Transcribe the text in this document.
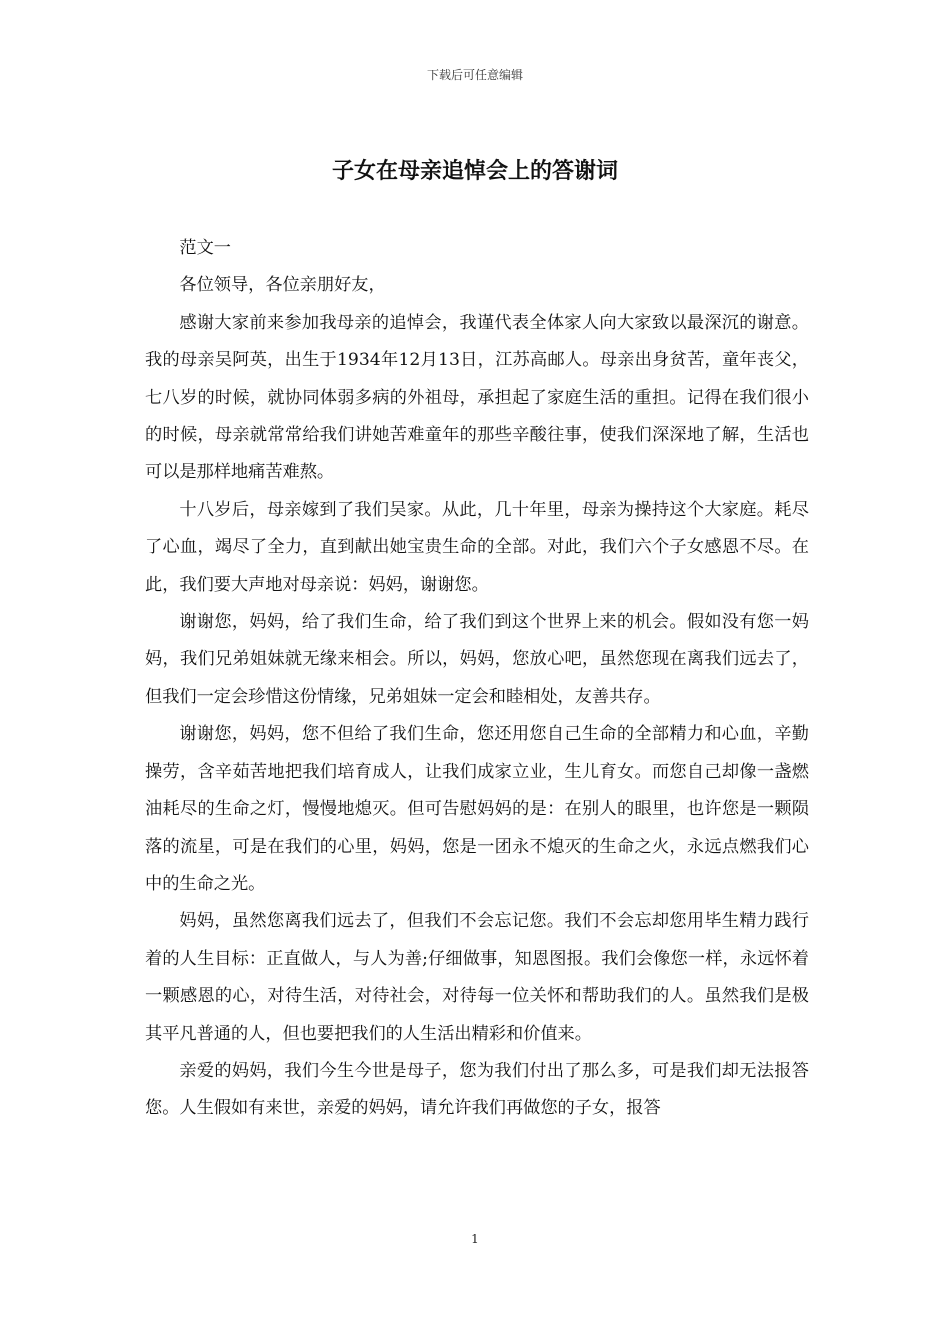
下载后可任意编辑
子女在母亲追悼会上的答谢词

范文一

各位领导，各位亲朋好友，

感谢大家前来参加我母亲的追悼会，我谨代表全体家人向大家致以最深沉的谢意。我的母亲吴阿英，出生于1934年12月13日，江苏高邮人。母亲出身贫苦，童年丧父，七八岁的时候，就协同体弱多病的外祖母，承担起了家庭生活的重担。记得在我们很小的时候，母亲就常常给我们讲她苦难童年的那些辛酸往事，使我们深深地了解，生活也可以是那样地痛苦难熬。

十八岁后，母亲嫁到了我们吴家。从此，几十年里，母亲为操持这个大家庭。耗尽了心血，竭尽了全力，直到献出她宝贵生命的全部。对此，我们六个子女感恩不尽。在此，我们要大声地对母亲说：妈妈，谢谢您。

谢谢您，妈妈，给了我们生命，给了我们到这个世界上来的机会。假如没有您一妈妈，我们兄弟姐妹就无缘来相会。所以，妈妈，您放心吧，虽然您现在离我们远去了，但我们一定会珍惜这份情缘，兄弟姐妹一定会和睦相处，友善共存。

谢谢您，妈妈，您不但给了我们生命，您还用您自己生命的全部精力和心血，辛勤操劳，含辛茹苦地把我们培育成人，让我们成家立业，生儿育女。而您自己却像一盏燃油耗尽的生命之灯，慢慢地熄灭。但可告慰妈妈的是：在别人的眼里，也许您是一颗陨落的流星，可是在我们的心里，妈妈，您是一团永不熄灭的生命之火，永远点燃我们心中的生命之光。

妈妈，虽然您离我们远去了，但我们不会忘记您。我们不会忘却您用毕生精力践行着的人生目标：正直做人，与人为善;仔细做事，知恩图报。我们会像您一样，永远怀着一颗感恩的心，对待生活，对待社会，对待每一位关怀和帮助我们的人。虽然我们是极其平凡普通的人，但也要把我们的人生活出精彩和价值来。

亲爱的妈妈，我们今生今世是母子，您为我们付出了那么多，可是我们却无法报答您。人生假如有来世，亲爱的妈妈，请允许我们再做您的子女，报答

1
